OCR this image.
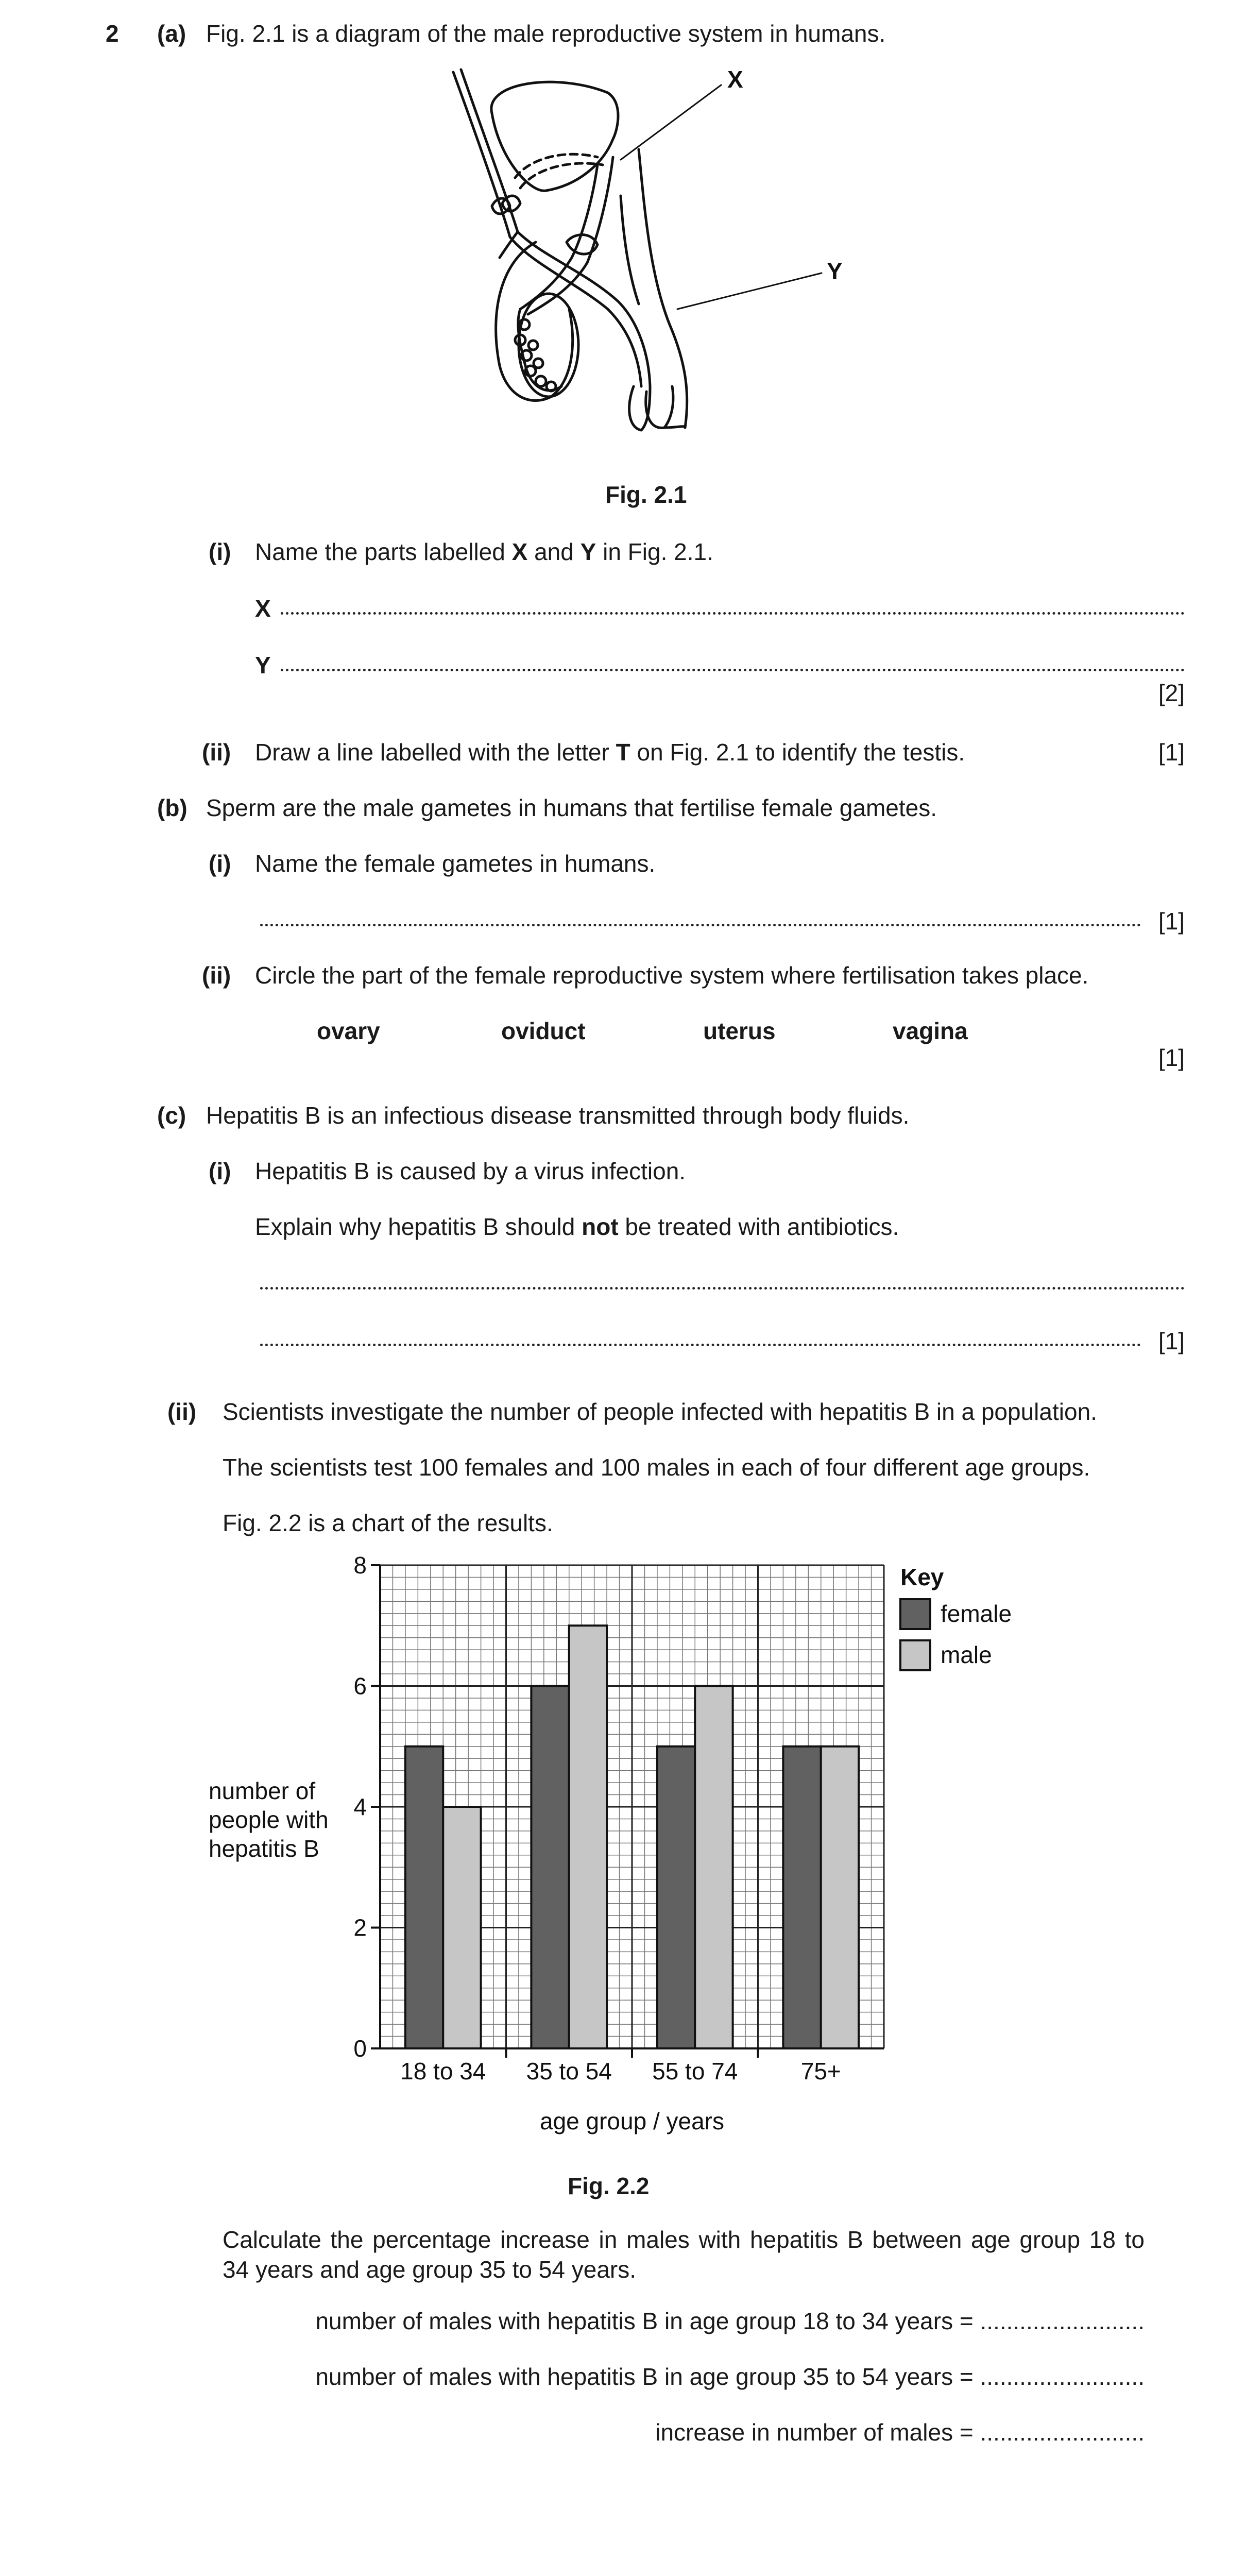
2 (a) Fig. 2.1 is a diagram of the male reproductive system in humans.
X
Y
Fig. 2.1
(i) Name the parts labelled X and Y in Fig. 2.1.
X
Y
[2]
(ii) Draw a line labelled with the letter T on Fig. 2.1 to identify the testis.	[1]
(b) Sperm are the male gametes in humans that fertilise female gametes.
(i) Name the female gametes in humans.
[1]
(ii) Circle the part of the female reproductive system where fertilisation takes place.
ovary	oviduct	uterus	vagina
[1]
(c) Hepatitis B is an infectious disease transmitted through body fluids.
(i) Hepatitis B is caused by a virus infection.
Explain why hepatitis B should not be treated with antibiotics.
[1]
(ii) Scientists investigate the number of people infected with hepatitis B in a population.
The scientists test 100 females and 100 males in each of four different age groups.
Fig. 2.2 is a chart of the results.
0
2
4
6
8
18 to 34 35 to 54 55 to 74	75+
number of
people with
hepatitis B
age group / years
Key
female
male
Fig. 2.2
Calculate the percentage increase in males with hepatitis B between age group 18 to 34 years and age group 35 to 54 years.
number of males with hepatitis B in age group 18 to 34 years = .........................
number of males with hepatitis B in age group 35 to 54 years = .........................
increase in number of males = .........................
